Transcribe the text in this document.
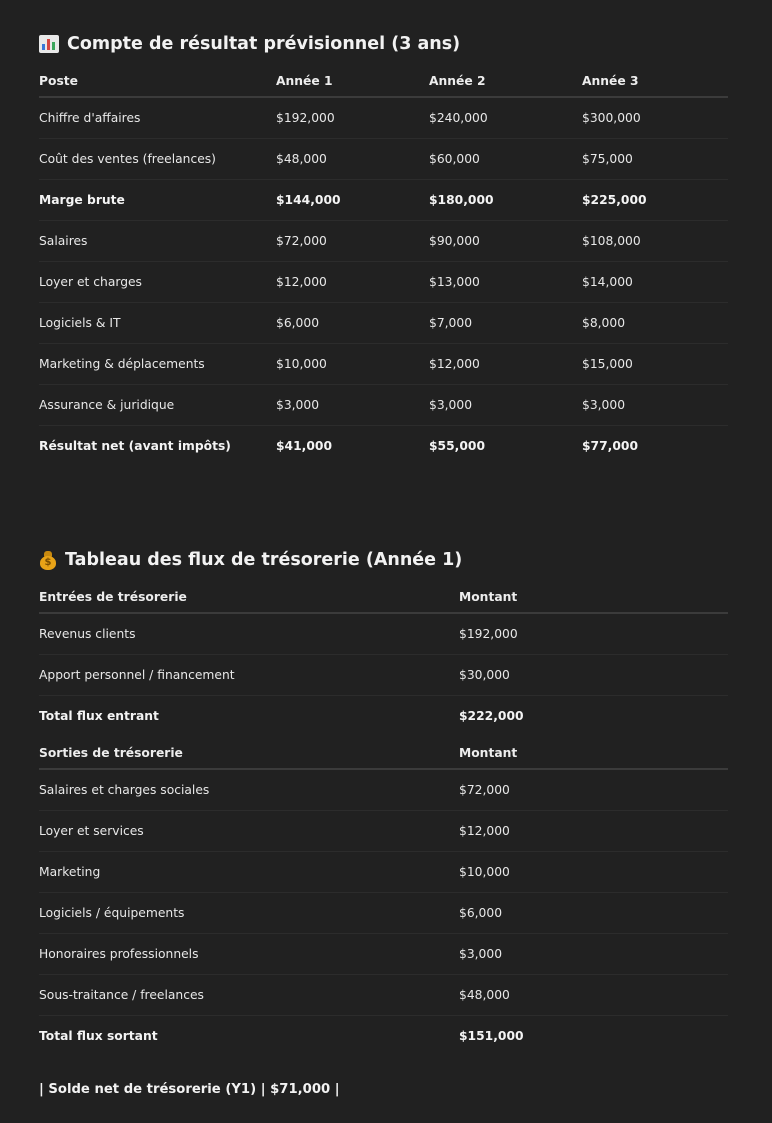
Compte de résultat prévisionnel (3 ans)
Poste	Année 1	Année 2	Année 3
Chiffre d'affaires	$192,000	$240,000	$300,000
Coût des ventes (freelances)	$48,000	$60,000	$75,000
Marge brute	$144,000	$180,000	$225,000
Salaires	$72,000	$90,000	$108,000
Loyer et charges	$12,000	$13,000	$14,000
Logiciels & IT	$6,000	$7,000	$8,000
Marketing & déplacements	$10,000	$12,000	$15,000
Assurance & juridique	$3,000	$3,000	$3,000
Résultat net (avant impôts)	$41,000	$55,000	$77,000
$ Tableau des flux de trésorerie (Année 1)
Entrées de trésorerie	Montant
Revenus clients	$192,000
Apport personnel / financement	$30,000
Total flux entrant	$222,000
Sorties de trésorerie	Montant
Salaires et charges sociales	$72,000
Loyer et services	$12,000
Marketing	$10,000
Logiciels / équipements	$6,000
Honoraires professionnels	$3,000
Sous-traitance / freelances	$48,000
Total flux sortant	$151,000
| Solde net de trésorerie (Y1) | $71,000 |
